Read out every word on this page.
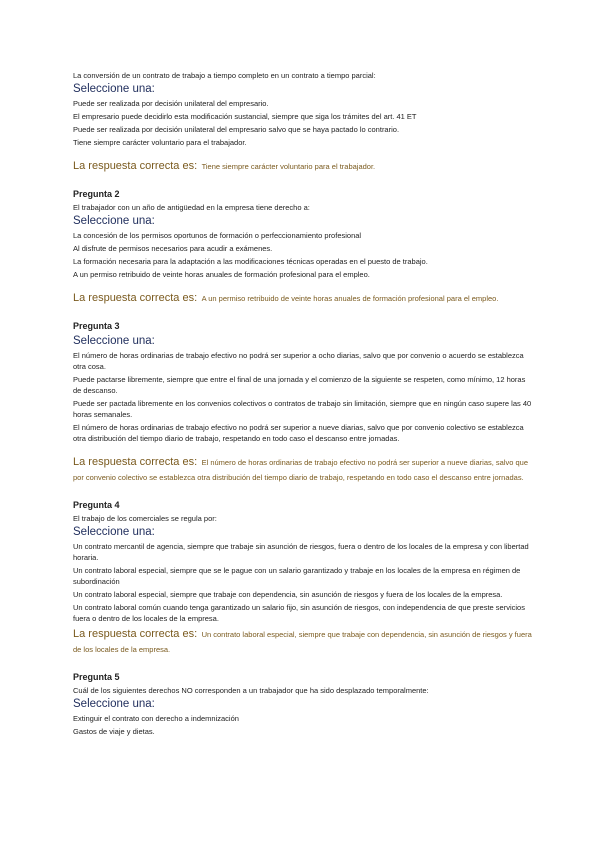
La conversión de un contrato de trabajo a tiempo completo en un contrato a tiempo parcial:
Seleccione una:
Puede ser realizada por decisión unilateral del empresario.
El empresario puede decidirlo esta modificación sustancial, siempre que siga los trámites del art. 41 ET
Puede ser realizada por decisión unilateral del empresario salvo que se haya pactado lo contrario.
Tiene siempre carácter voluntario para el trabajador.
La respuesta correcta es: Tiene siempre carácter voluntario para el trabajador.
Pregunta 2
El trabajador con un año de antigüedad en la empresa tiene derecho a:
Seleccione una:
La concesión de los permisos oportunos de formación o perfeccionamiento profesional
Al disfrute de permisos necesarios para acudir a exámenes.
La formación necesaria para la adaptación a las modificaciones técnicas operadas en el puesto de trabajo.
A un permiso retribuido de veinte horas anuales de formación profesional para el empleo.
La respuesta correcta es: A un permiso retribuido de veinte horas anuales de formación profesional para el empleo.
Pregunta 3
Seleccione una:
El número de horas ordinarias de trabajo efectivo no podrá ser superior a ocho diarias, salvo que por convenio o acuerdo se establezca otra cosa.
Puede pactarse libremente, siempre que entre el final de una jornada y el comienzo de la siguiente se respeten, como mínimo, 12 horas de descanso.
Puede ser pactada libremente en los convenios colectivos o contratos de trabajo sin limitación, siempre que en ningún caso supere las 40 horas semanales.
El número de horas ordinarias de trabajo efectivo no podrá ser superior a nueve diarias, salvo que por convenio colectivo se establezca otra distribución del tiempo diario de trabajo, respetando en todo caso el descanso entre jornadas.
La respuesta correcta es: El número de horas ordinarias de trabajo efectivo no podrá ser superior a nueve diarias, salvo que por convenio colectivo se establezca otra distribución del tiempo diario de trabajo, respetando en todo caso el descanso entre jornadas.
Pregunta 4
El trabajo de los comerciales se regula por:
Seleccione una:
Un contrato mercantil de agencia, siempre que trabaje sin asunción de riesgos, fuera o dentro de los locales de la empresa y con libertad horaria.
Un contrato laboral especial, siempre que se le pague con un salario garantizado y trabaje en los locales de la empresa en régimen de subordinación
Un contrato laboral especial, siempre que trabaje con dependencia, sin asunción de riesgos y fuera de los locales de la empresa.
Un contrato laboral común cuando tenga garantizado un salario fijo, sin asunción de riesgos, con independencia de que preste servicios fuera o dentro de los locales de la empresa.
La respuesta correcta es: Un contrato laboral especial, siempre que trabaje con dependencia, sin asunción de riesgos y fuera de los locales de la empresa.
Pregunta 5
Cuál de los siguientes derechos NO corresponden a un trabajador que ha sido desplazado temporalmente:
Seleccione una:
Extinguir el contrato con derecho a indemnización
Gastos de viaje y dietas.
